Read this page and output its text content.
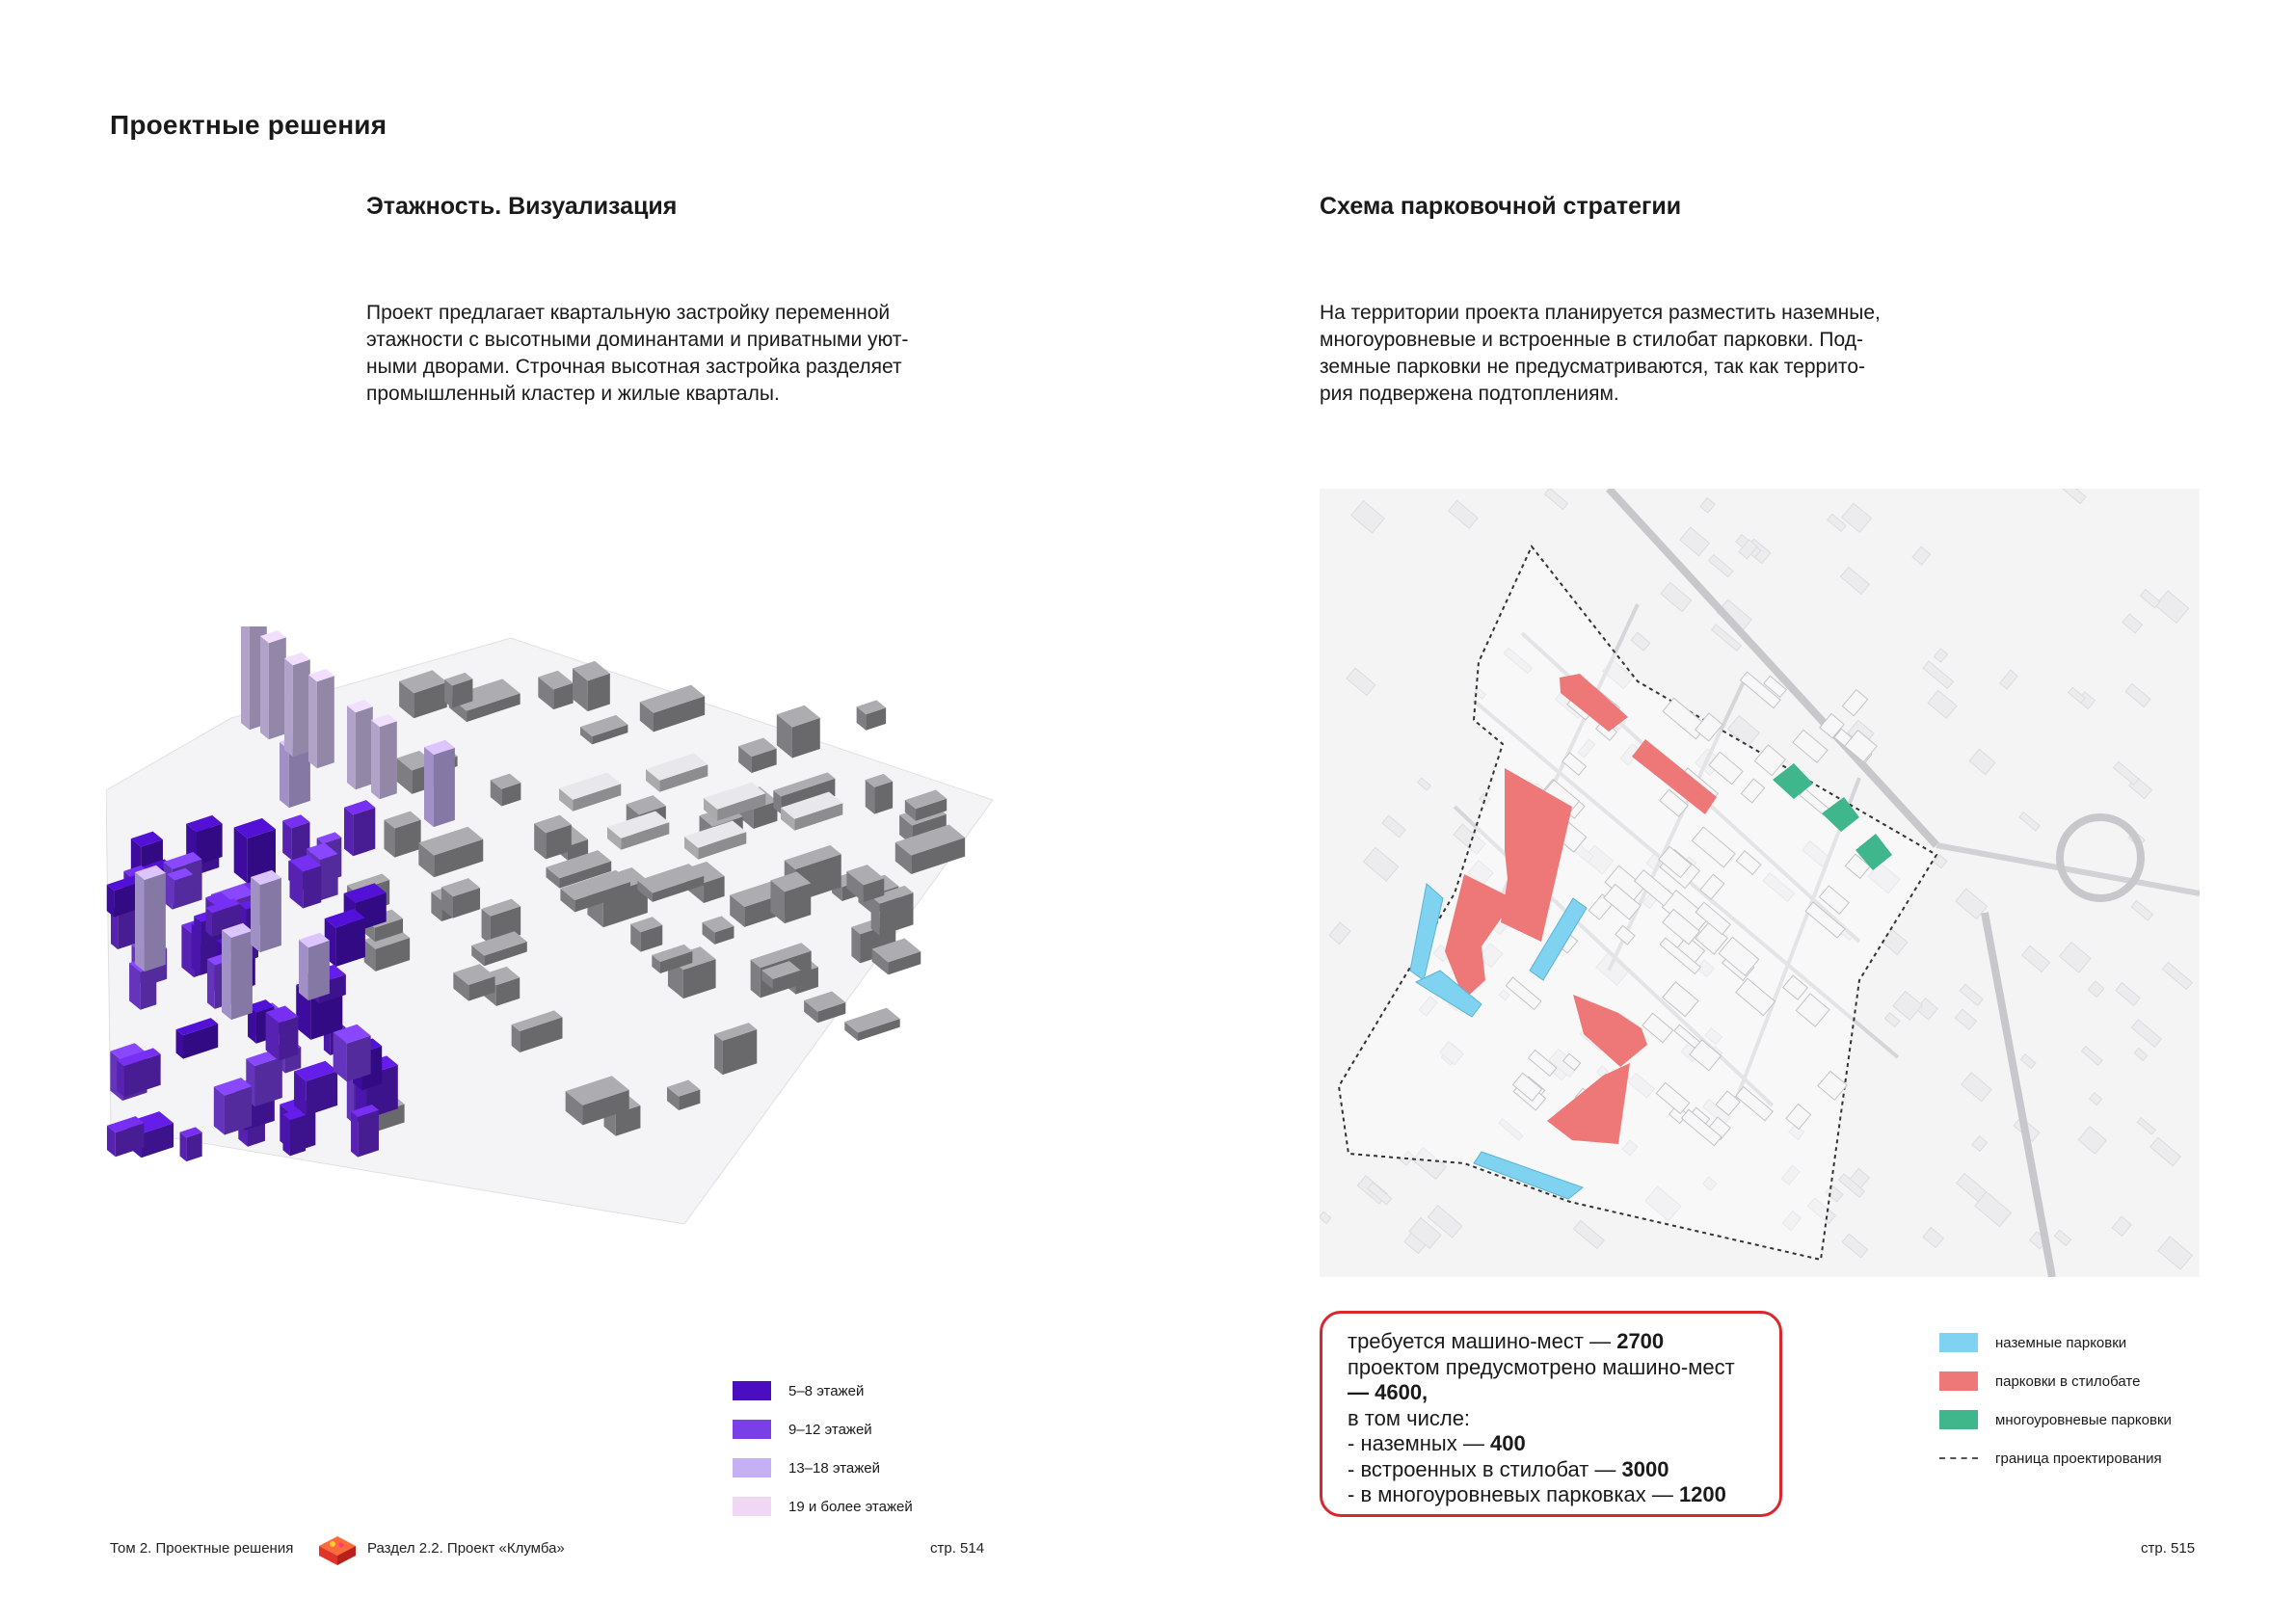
Проектные решения
Этажность. Визуализация
Проект предлагает квартальную застройку переменной
этажности с высотными доминантами и приватными уют-
ными дворами. Строчная высотная застройка разделяет
промышленный кластер и жилые кварталы.
5–8 этажей
9–12 этажей
13–18 этажей
19 и более этажей
Схема парковочной стратегии
На территории проекта планируется разместить наземные,
многоуровневые и встроенные в стилобат парковки. Под-
земные парковки не предусматриваются, так как террито-
рия подвержена подтоплениям.
требуется машино-мест — 2700
проектом предусмотрено машино-мест
— 4600,
в том числе:
- наземных — 400
- встроенных в стилобат — 3000
- в многоуровневых парковках — 1200
наземные парковки
парковки в стилобате
многоуровневые парковки
граница проектирования
Том 2. Проектные решения	Раздел 2.2. Проект «Клумба»	стр. 514	стр. 515
